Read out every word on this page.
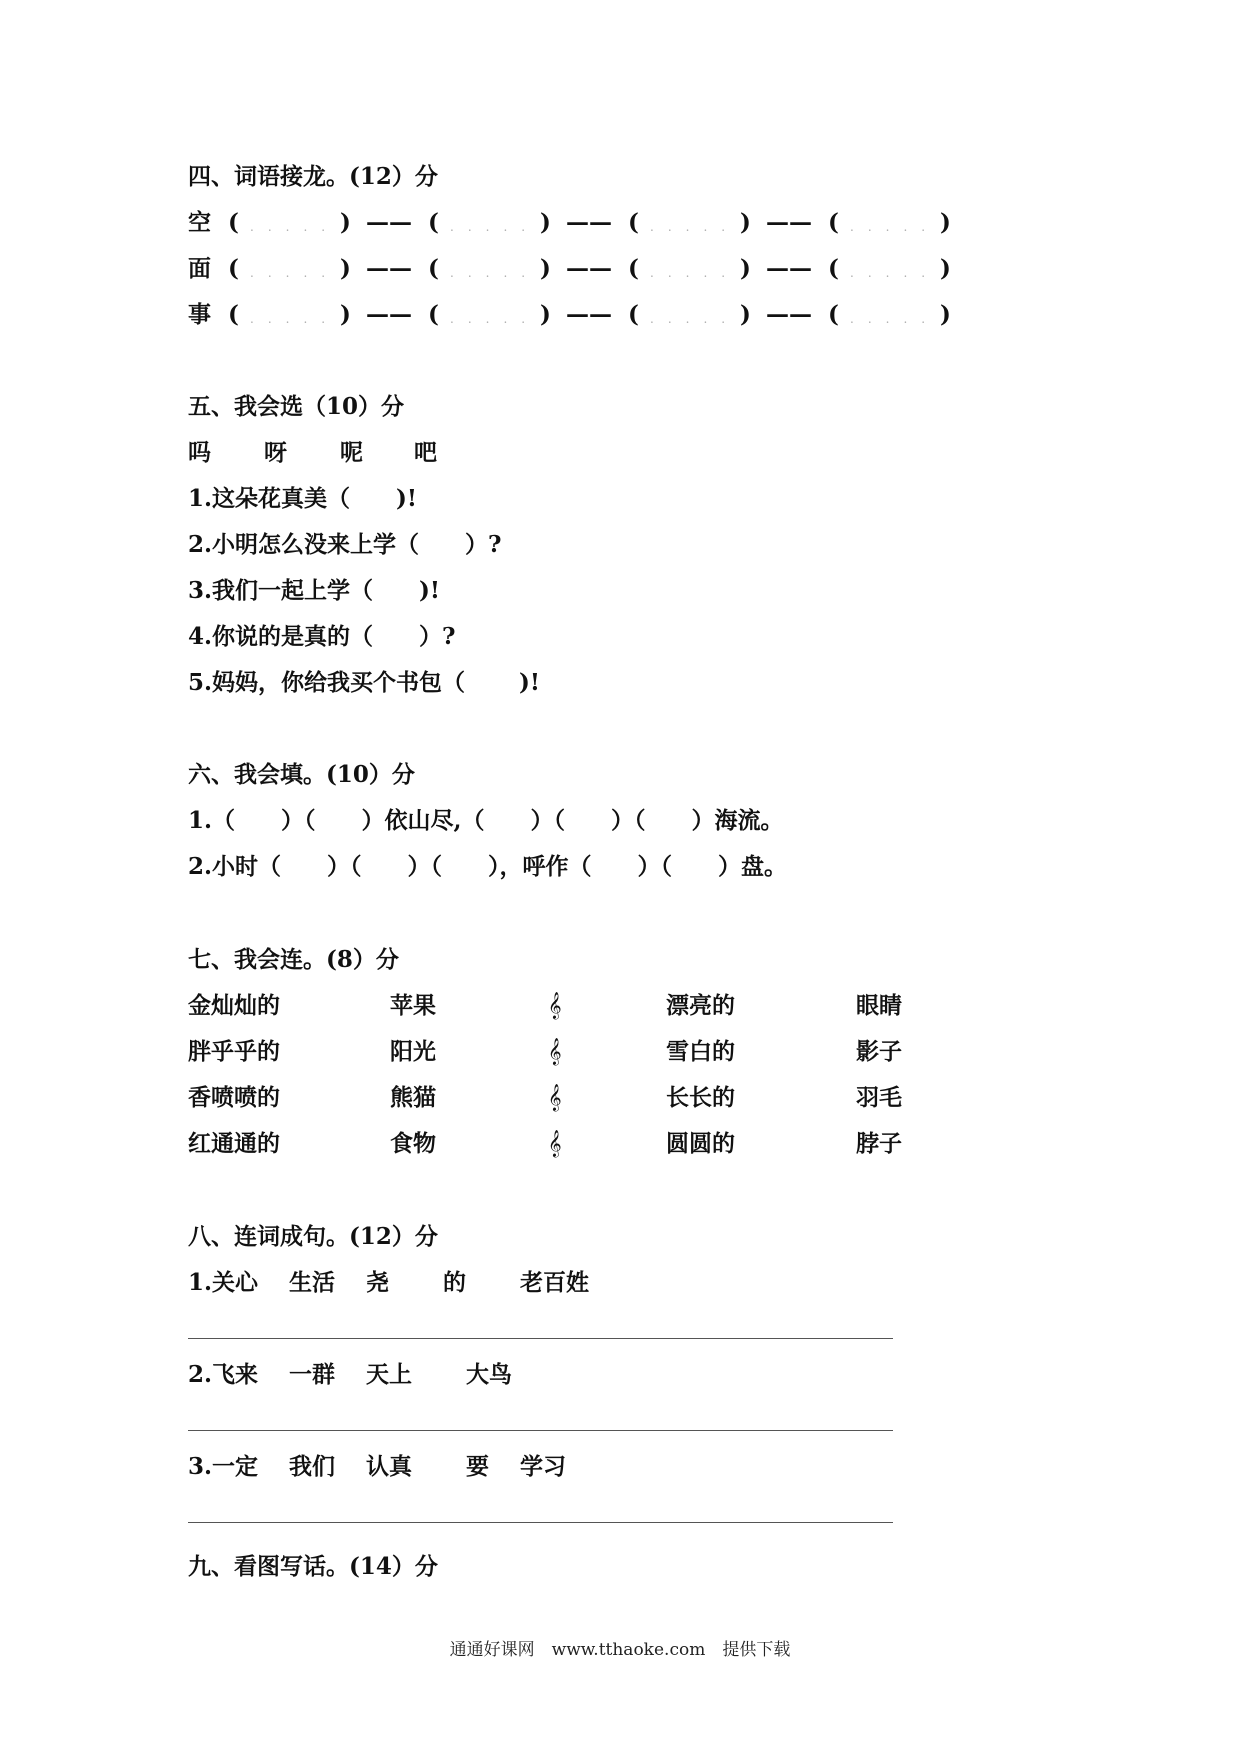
四、词语接龙。(12）分
空 ( ..... ) —— ( ..... ) —— ( ..... ) —— ( ..... )
面 ( ..... ) —— ( ..... ) —— ( ..... ) —— ( ..... )
事 ( ..... ) —— ( ..... ) —— ( ..... ) —— ( ..... )
五、我会选（10）分
吗 呀 呢 吧
1.这朵花真美（　　)!
2.小明怎么没来上学（　　）?
3.我们一起上学（　　)!
4.你说的是真的（　　）?
5.妈妈，你给我买个书包（　　 )!
六、我会填。(10）分
1.（　　）（　　）依山尽,（　　）（　　）（　　）海流。
2.小时（　　）（　　）（　　），呼作（　　）（　　）盘。
七、我会连。(8）分
金灿灿的	苹果	𝄞	漂亮的	眼睛
胖乎乎的	阳光	𝄞	雪白的	影子
香喷喷的	熊猫	𝄞	长长的	羽毛
红通通的	食物	𝄞	圆圆的	脖子
八、连词成句。(12）分
1.关心　 生活　 尧　　 的　　 老百姓
2.飞来　 一群　 天上　　 大鸟
3.一定　 我们　 认真　　 要　 学习
九、看图写话。(14）分
通通好课网　www.tthaoke.com　提供下载
